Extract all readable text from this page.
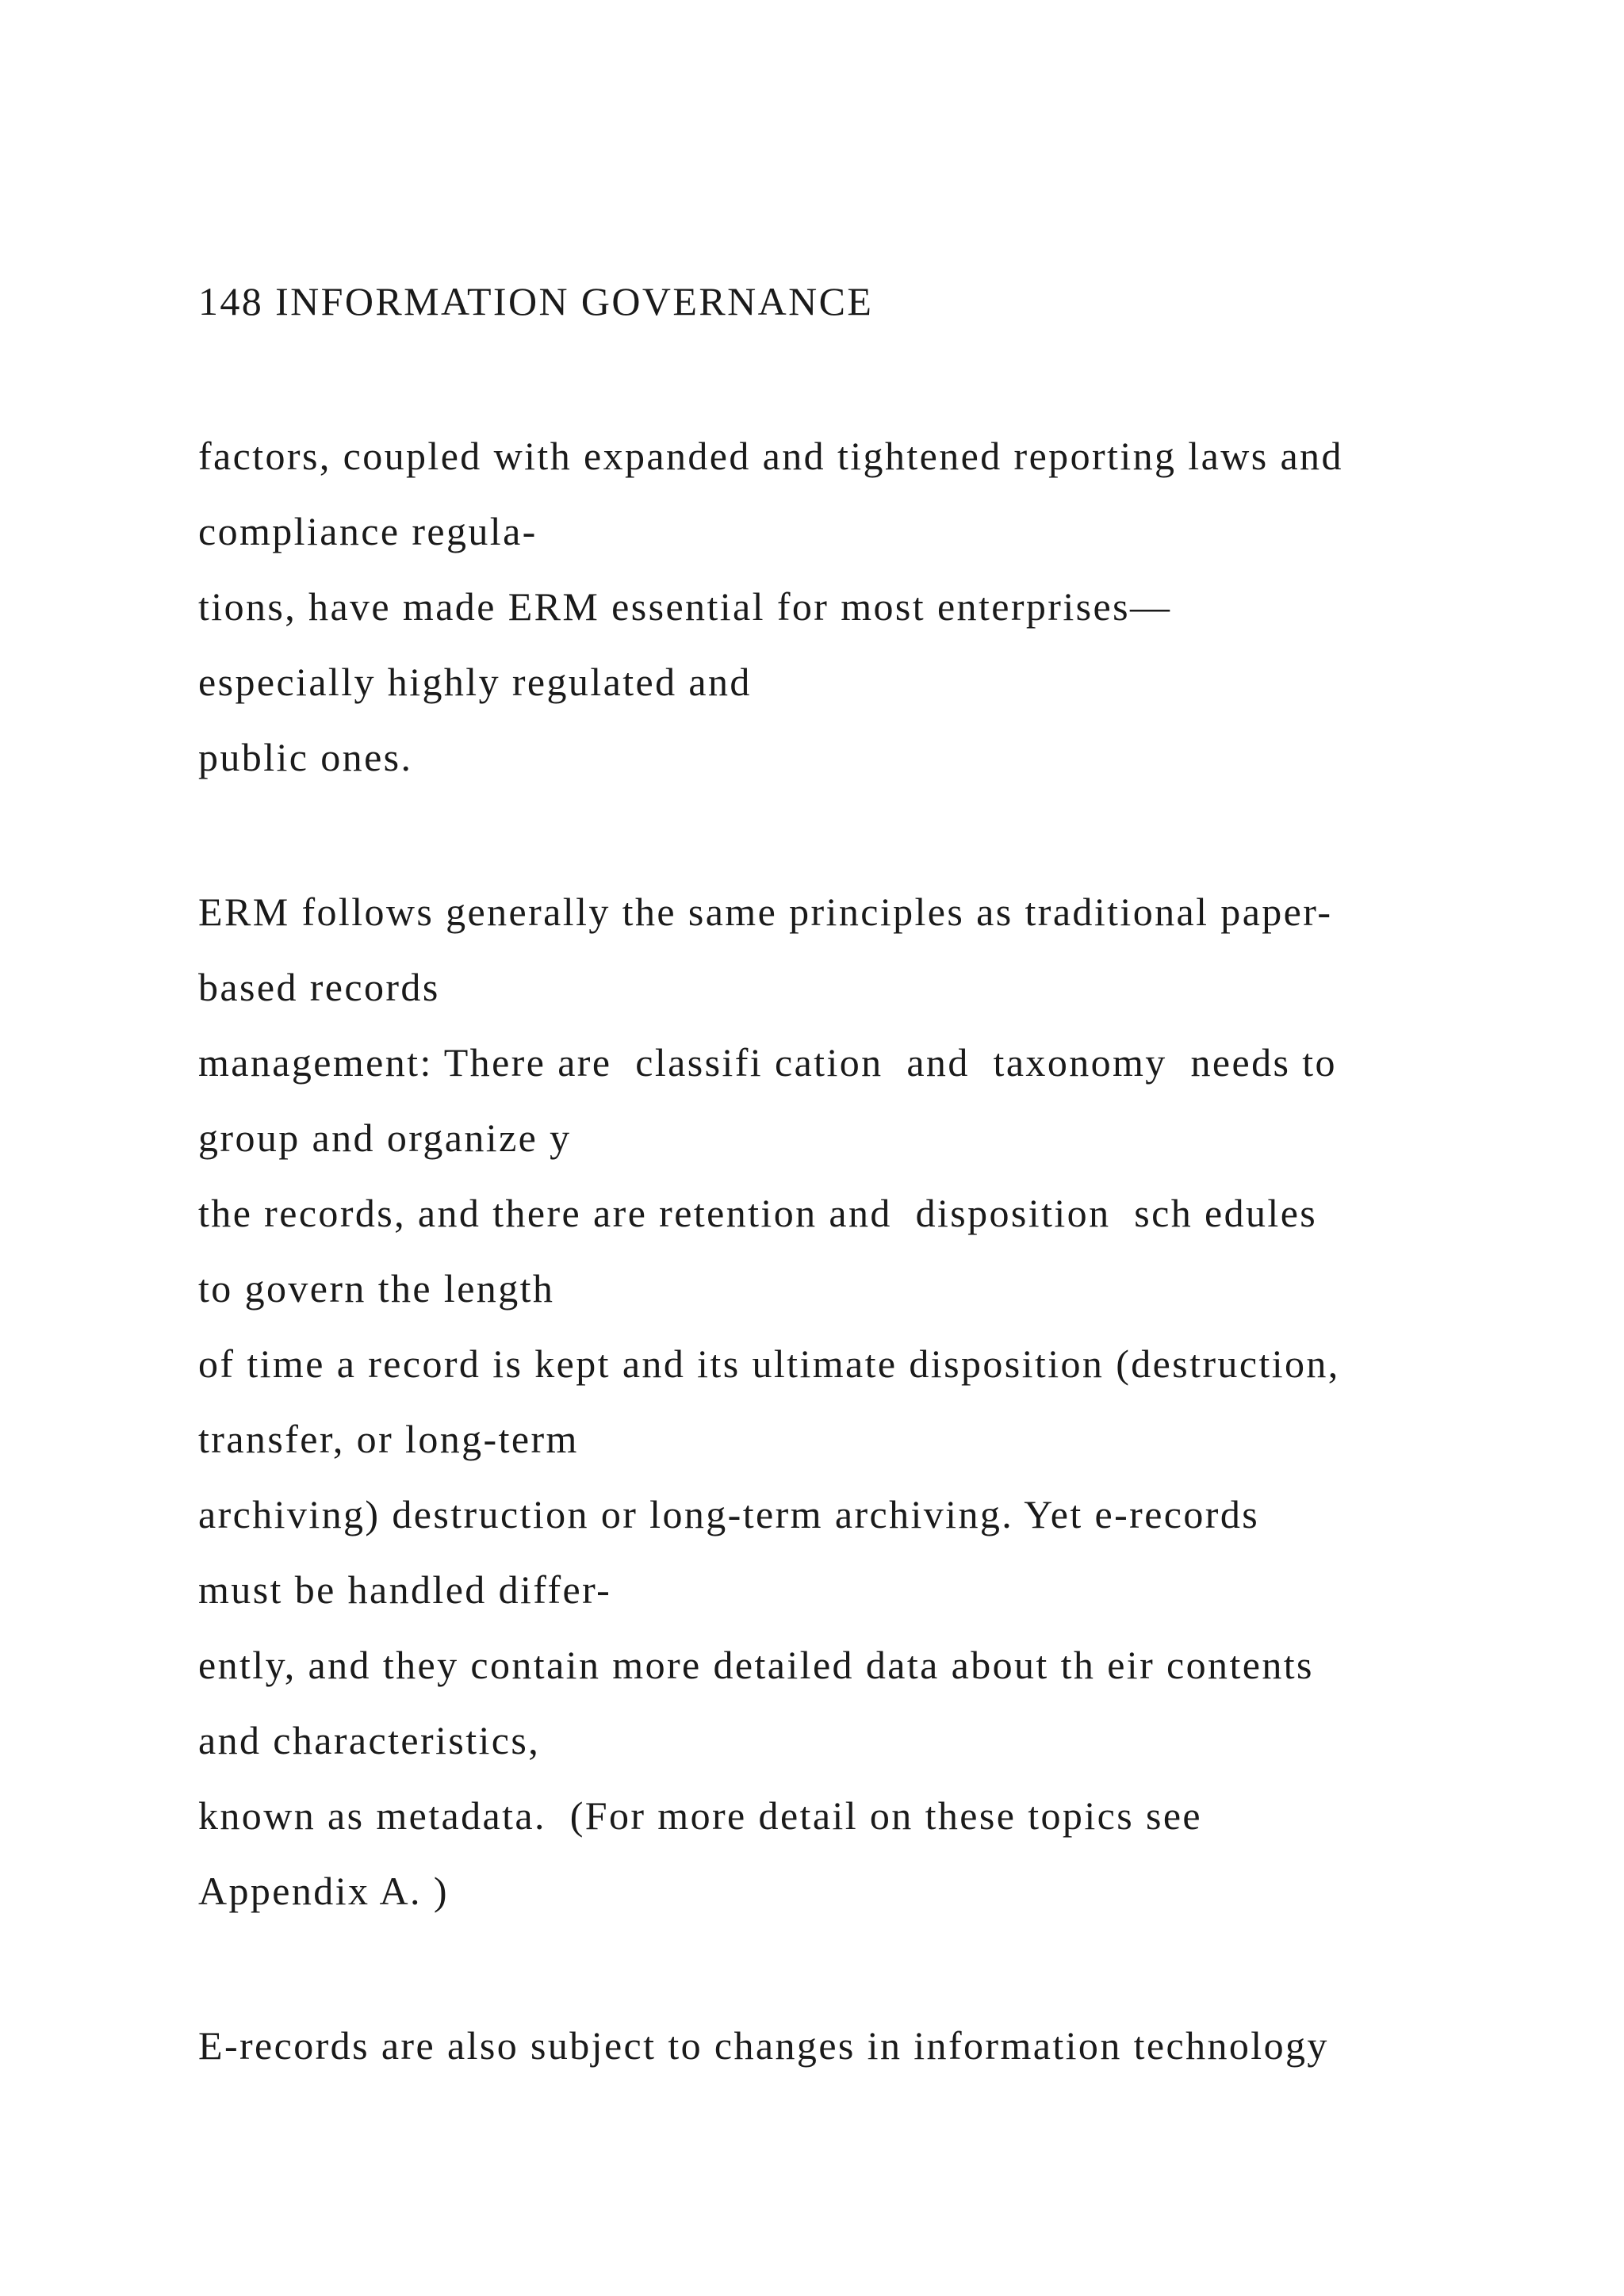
148 INFORMATION GOVERNANCE
factors, coupled with expanded and tightened reporting laws and
compliance regula-
tions, have made ERM essential for most enterprises—
especially highly regulated and
public ones.
ERM follows generally the same principles as traditional paper-
based records
management: There are  classifi cation  and  taxonomy  needs to
group and organize y
the records, and there are retention and  disposition  sch edules
to govern the length
of time a record is kept and its ultimate disposition (destruction,
transfer, or long-term
archiving) destruction or long-term archiving. Yet e-records
must be handled differ-
ently, and they contain more detailed data about th eir contents
and characteristics,
known as metadata.  (For more detail on these topics see
Appendix A. )
E-records are also subject to changes in information technology
